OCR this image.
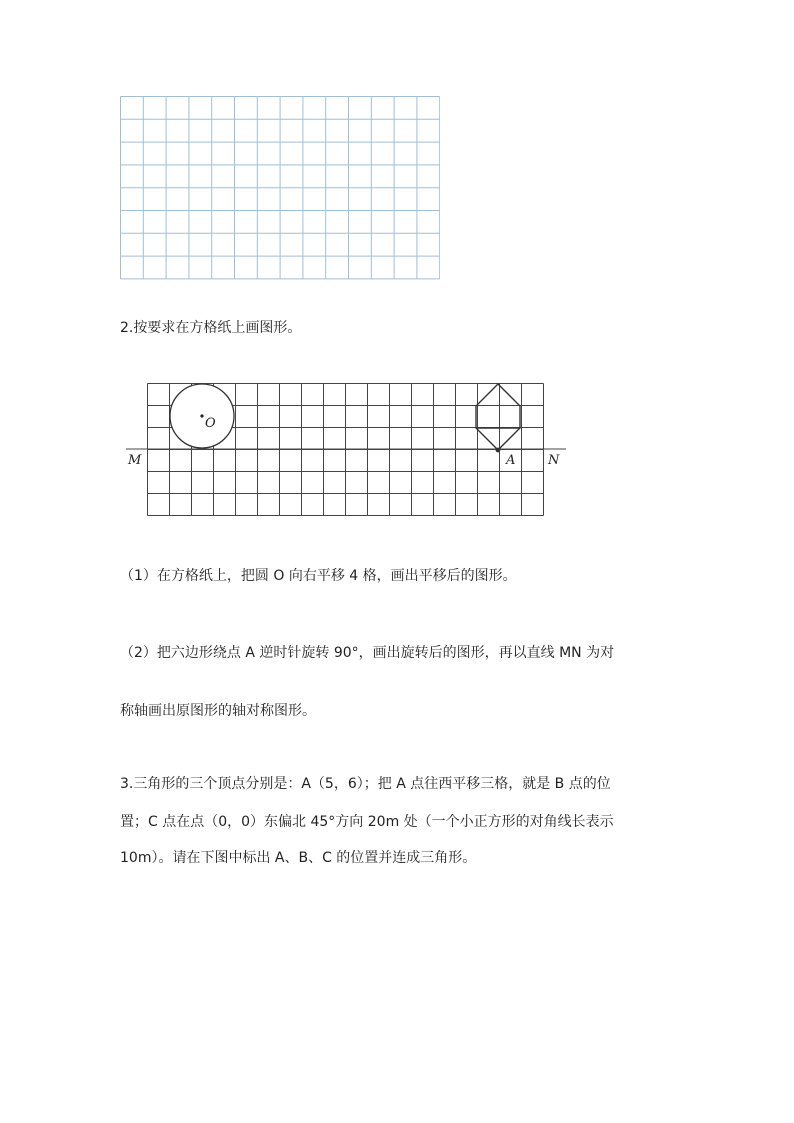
2.按要求在方格纸上画图形。
O
A
M	N
（1）在方格纸上，把圆 O 向右平移 4 格，画出平移后的图形。
（2）把六边形绕点 A 逆时针旋转 90°，画出旋转后的图形，再以直线 MN 为对
称轴画出原图形的轴对称图形。
3.三角形的三个顶点分别是：A（5，6）；把 A 点往西平移三格，就是 B 点的位
置；C 点在点（0，0）东偏北 45°方向 20m 处（一个小正方形的对角线长表示
10m）。请在下图中标出 A、B、C 的位置并连成三角形。
